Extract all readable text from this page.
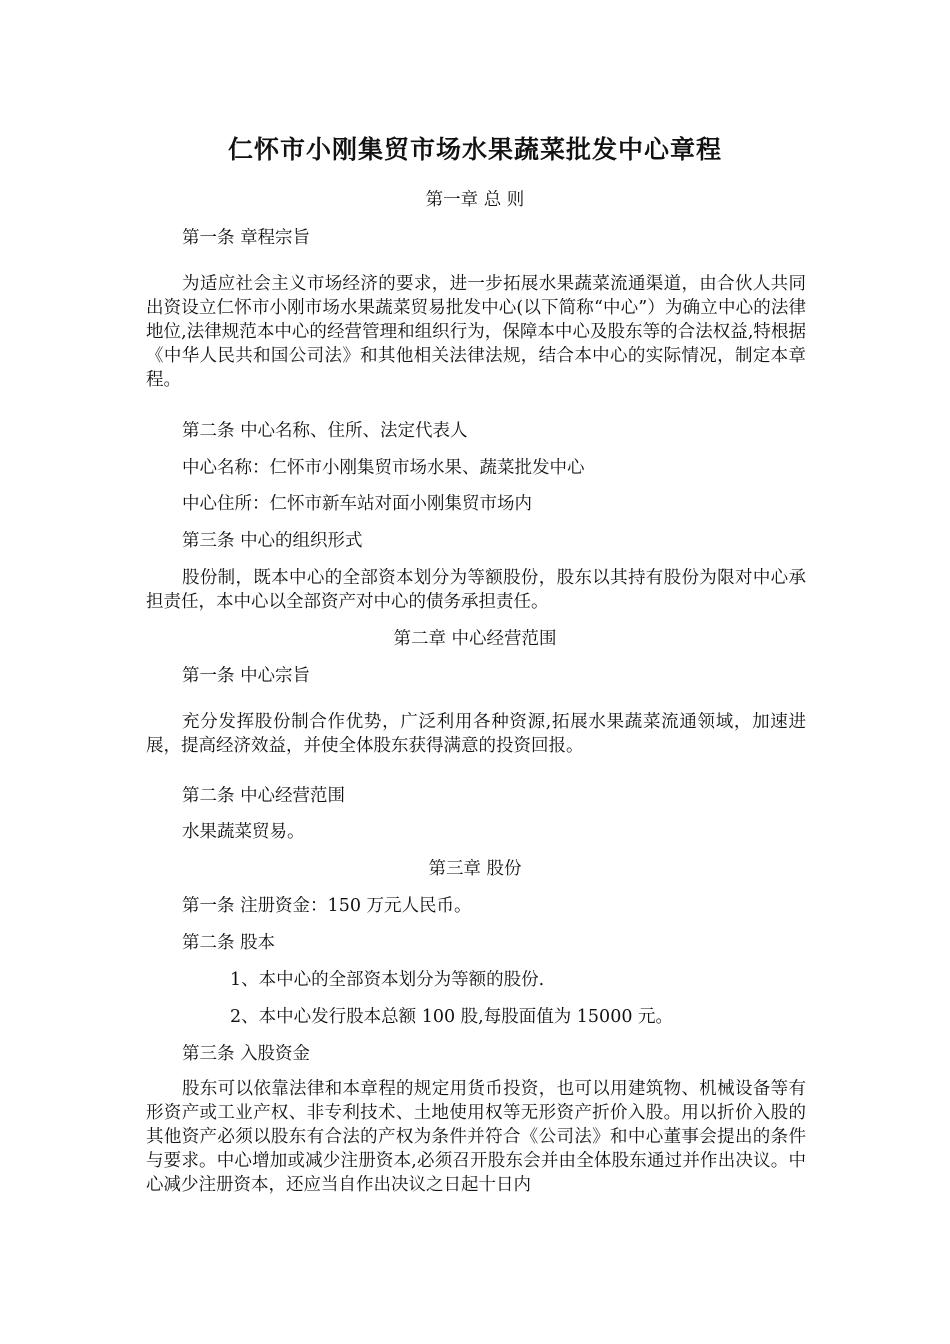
仁怀市小刚集贸市场水果蔬菜批发中心章程
第一章 总 则
第一条 章程宗旨
为适应社会主义市场经济的要求，进一步拓展水果蔬菜流通渠道，由合伙人共同出资设立仁怀市小刚市场水果蔬菜贸易批发中心(以下简称“中心”）为确立中心的法律地位,法律规范本中心的经营管理和组织行为，保障本中心及股东等的合法权益,特根据《中华人民共和国公司法》和其他相关法律法规，结合本中心的实际情况，制定本章程。
第二条 中心名称、住所、法定代表人
中心名称：仁怀市小刚集贸市场水果、蔬菜批发中心
中心住所：仁怀市新车站对面小刚集贸市场内
第三条 中心的组织形式
股份制，既本中心的全部资本划分为等额股份，股东以其持有股份为限对中心承担责任，本中心以全部资产对中心的债务承担责任。
第二章 中心经营范围
第一条 中心宗旨
充分发挥股份制合作优势，广泛利用各种资源,拓展水果蔬菜流通领域，加速进展，提高经济效益，并使全体股东获得满意的投资回报。
第二条 中心经营范围
水果蔬菜贸易。
第三章 股份
第一条 注册资金：150 万元人民币。
第二条 股本
1、本中心的全部资本划分为等额的股份.
2、本中心发行股本总额 100 股,每股面值为 15000 元。
第三条 入股资金
股东可以依靠法律和本章程的规定用货币投资，也可以用建筑物、机械设备等有形资产或工业产权、非专利技术、土地使用权等无形资产折价入股。用以折价入股的其他资产必须以股东有合法的产权为条件并符合《公司法》和中心董事会提出的条件与要求。中心增加或减少注册资本,必须召开股东会并由全体股东通过并作出决议。中心减少注册资本，还应当自作出决议之日起十日内
